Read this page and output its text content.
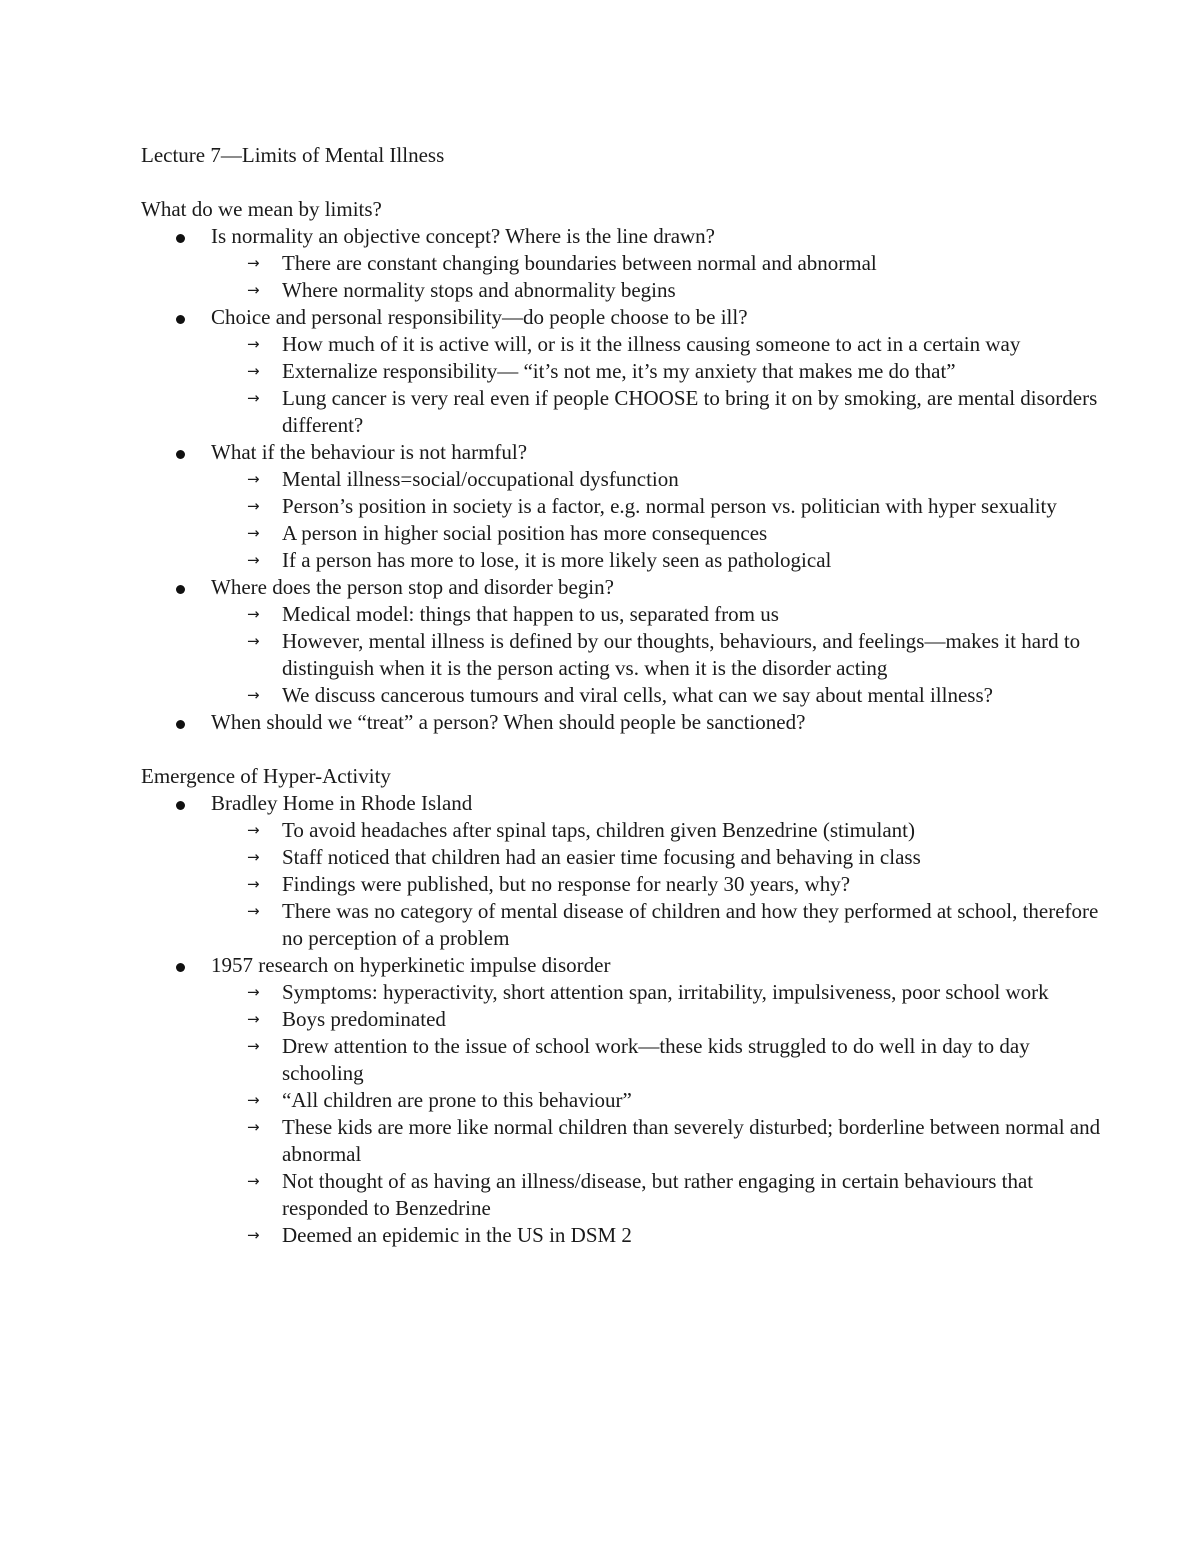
Lecture 7—Limits of Mental Illness
What do we mean by limits?
Is normality an objective concept? Where is the line drawn?
→ There are constant changing boundaries between normal and abnormal
→ Where normality stops and abnormality begins
Choice and personal responsibility—do people choose to be ill?
→ How much of it is active will, or is it the illness causing someone to act in a certain way
→ Externalize responsibility— “it’s not me, it’s my anxiety that makes me do that”
→ Lung cancer is very real even if people CHOOSE to bring it on by smoking, are mental disorders different?
What if the behaviour is not harmful?
→ Mental illness=social/occupational dysfunction
→ Person’s position in society is a factor, e.g. normal person vs. politician with hyper sexuality
→ A person in higher social position has more consequences
→ If a person has more to lose, it is more likely seen as pathological
Where does the person stop and disorder begin?
→ Medical model: things that happen to us, separated from us
→ However, mental illness is defined by our thoughts, behaviours, and feelings—makes it hard to distinguish when it is the person acting vs. when it is the disorder acting
→ We discuss cancerous tumours and viral cells, what can we say about mental illness?
When should we “treat” a person? When should people be sanctioned?
Emergence of Hyper-Activity
Bradley Home in Rhode Island
→ To avoid headaches after spinal taps, children given Benzedrine (stimulant)
→ Staff noticed that children had an easier time focusing and behaving in class
→ Findings were published, but no response for nearly 30 years, why?
→ There was no category of mental disease of children and how they performed at school, therefore no perception of a problem
1957 research on hyperkinetic impulse disorder
→ Symptoms: hyperactivity, short attention span, irritability, impulsiveness, poor school work
→ Boys predominated
→ Drew attention to the issue of school work—these kids struggled to do well in day to day schooling
→ “All children are prone to this behaviour”
→ These kids are more like normal children than severely disturbed; borderline between normal and abnormal
→ Not thought of as having an illness/disease, but rather engaging in certain behaviours that responded to Benzedrine
→ Deemed an epidemic in the US in DSM 2
